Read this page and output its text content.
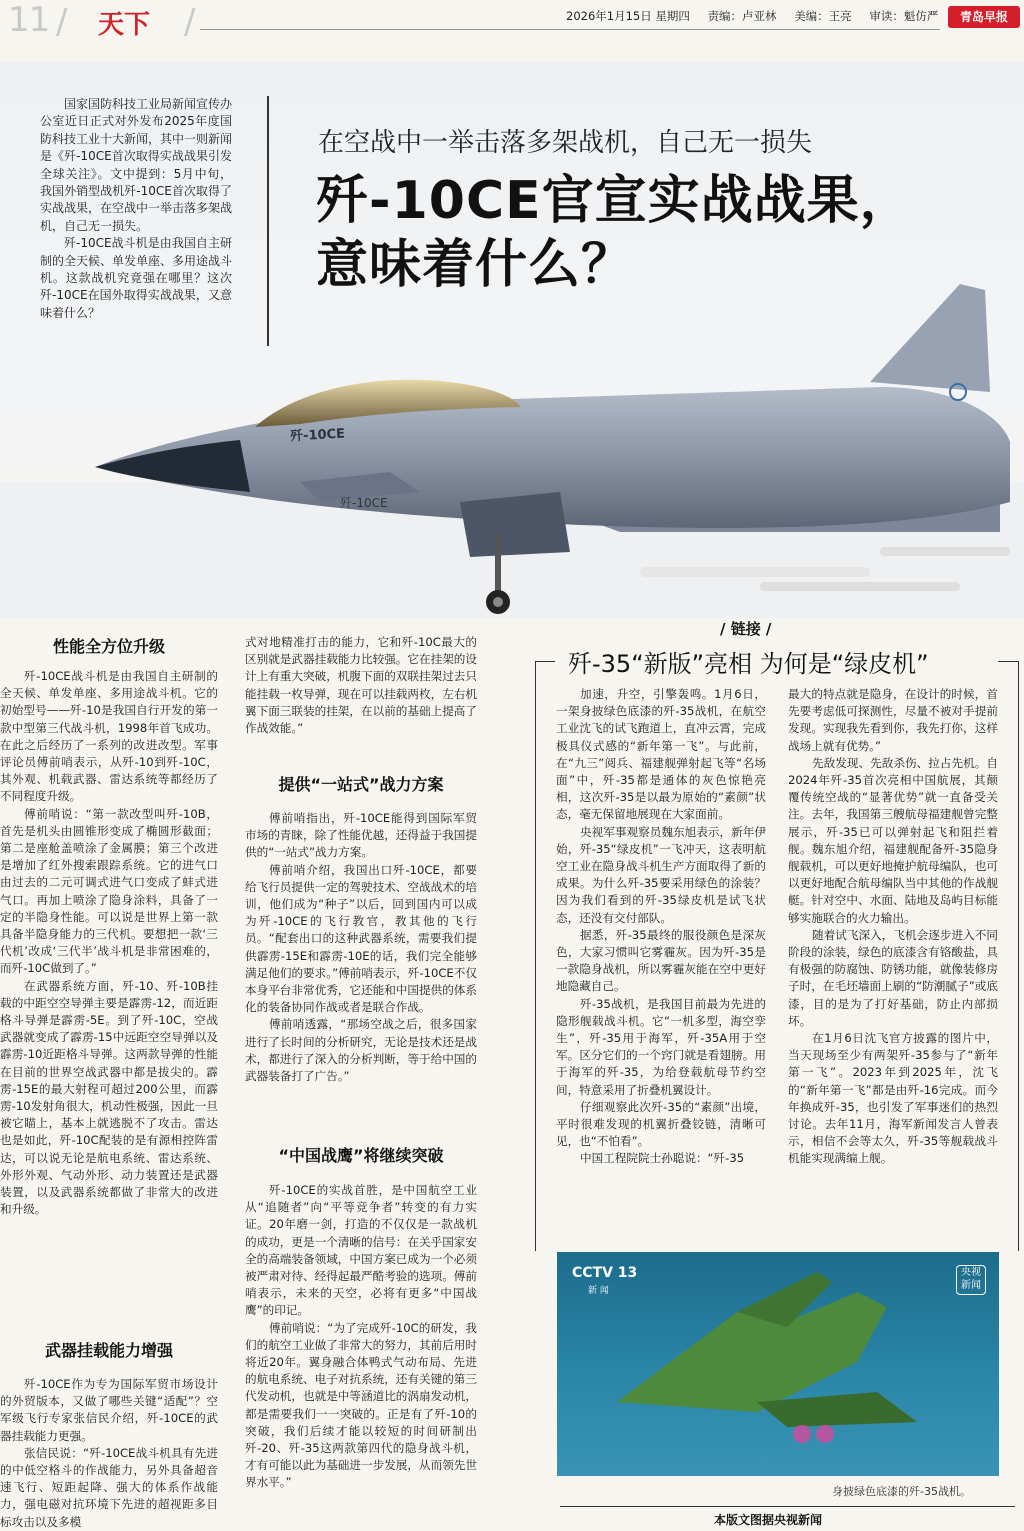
11 / 天下 /	2026年1月15日 星期四 责编：卢亚林 美编：王亮 审读：魁仿严	青岛早报
歼-10CE

国家国防科技工业局新闻宣传办公室近日正式对外发布2025年度国防科技工业十大新闻，其中一则新闻是《歼-10CE首次取得实战战果引发全球关注》。文中提到：5月中旬，我国外销型战机歼-10CE首次取得了实战战果，在空战中一举击落多架战机，自己无一损失。

歼-10CE战斗机是由我国自主研制的全天候、单发单座、多用途战斗机。这款战机究竟强在哪里？这次歼-10CE在国外取得实战战果，又意味着什么？

在空战中一举击落多架战机，自己无一损失
歼-10CE官宣实战战果，
意味着什么？
歼-10CE
性能全方位升级

歼-10CE战斗机是由我国自主研制的全天候、单发单座、多用途战斗机。它的初始型号——歼-10是我国自行开发的第一款中型第三代战斗机，1998年首飞成功。在此之后经历了一系列的改进改型。军事评论员傅前哨表示，从歼-10到歼-10C，其外观、机载武器、雷达系统等都经历了不同程度升级。

傅前哨说：“第一款改型叫歼-10B，首先是机头由圆锥形变成了椭圆形截面；第二是座舱盖喷涂了金属膜；第三个改进是增加了红外搜索跟踪系统。它的进气口由过去的二元可调式进气口变成了蚌式进气口。再加上喷涂了隐身涂料，具备了一定的半隐身性能。可以说是世界上第一款具备半隐身能力的三代机。要想把一款‘三代机’改成‘三代半’战斗机是非常困难的，而歼-10C做到了。”

在武器系统方面，歼-10、歼-10B挂载的中距空空导弹主要是霹雳-12，而近距格斗导弹是霹雳-5E。到了歼-10C，空战武器就变成了霹雳-15中远距空空导弹以及霹雳-10近距格斗导弹。这两款导弹的性能在目前的世界空战武器中都是拔尖的。霹雳-15E的最大射程可超过200公里，而霹雳-10发射角很大，机动性极强，因此一旦被它瞄上，基本上就逃脱不了攻击。雷达也是如此，歼-10C配装的是有源相控阵雷达，可以说无论是航电系统、雷达系统、外形外观、气动外形、动力装置还是武器装置，以及武器系统都做了非常大的改进和升级。

武器挂载能力增强

歼-10CE作为专为国际军贸市场设计的外贸版本，又做了哪些关键“适配”？空军级飞行专家张信民介绍，歼-10CE的武器挂载能力更强。

张信民说：“歼-10CE战斗机具有先进的中低空格斗的作战能力，另外具备超音速飞行、短距起降、强大的体系作战能力，强电磁对抗环境下先进的超视距多目标攻击以及多模

式对地精准打击的能力，它和歼-10C最大的区别就是武器挂载能力比较强。它在挂架的设计上有重大突破，机腹下面的双联挂架过去只能挂载一枚导弹，现在可以挂载两枚，左右机翼下面三联装的挂架，在以前的基础上提高了作战效能。”

提供“一站式”战力方案

傅前哨指出，歼-10CE能得到国际军贸市场的青睐，除了性能优越，还得益于我国提供的“一站式”战力方案。

傅前哨介绍，我国出口歼-10CE，都要给飞行员提供一定的驾驶技术、空战战术的培训，他们成为“种子”以后，回到国内可以成为歼-10CE的飞行教官，教其他的飞行员。“配套出口的这种武器系统，需要我们提供霹雳-15E和霹雳-10E的话，我们完全能够满足他们的要求。”傅前哨表示，歼-10CE不仅本身平台非常优秀，它还能和中国提供的体系化的装备协同作战或者是联合作战。

傅前哨透露，“那场空战之后，很多国家进行了长时间的分析研究，无论是技术还是战术，都进行了深入的分析判断，等于给中国的武器装备打了广告。”

“中国战鹰”将继续突破

歼-10CE的实战首胜，是中国航空工业从“追随者”向“平等竞争者”转变的有力实证。20年磨一剑，打造的不仅仅是一款战机的成功，更是一个清晰的信号：在关乎国家安全的高端装备领域，中国方案已成为一个必须被严肃对待、经得起最严酷考验的选项。傅前哨表示，未来的天空，必将有更多“中国战鹰”的印记。

傅前哨说：“为了完成歼-10C的研发，我们的航空工业做了非常大的努力，其前后用时将近20年。翼身融合体鸭式气动布局、先进的航电系统、电子对抗系统，还有关键的第三代发动机，也就是中等涵道比的涡扇发动机，都是需要我们一一突破的。正是有了歼-10的突破，我们后续才能以较短的时间研制出歼-20、歼-35这两款第四代的隐身战斗机，才有可能以此为基础进一步发展，从而领先世界水平。”

/ 链接 /
歼-35“新版”亮相 为何是“绿皮机”

加速，升空，引擎轰鸣。1月6日，一架身披绿色底漆的歼-35战机，在航空工业沈飞的试飞跑道上，直冲云霄，完成极具仪式感的“新年第一飞”。与此前，在“九三”阅兵、福建舰弹射起飞等“名场面”中，歼-35都是通体的灰色惊艳亮相，这次歼-35是以最为原始的“素颜”状态，毫无保留地展现在大家面前。

央视军事观察员魏东旭表示，新年伊始，歼-35“绿皮机”一飞冲天，这表明航空工业在隐身战斗机生产方面取得了新的成果。为什么歼-35要采用绿色的涂装？因为我们看到的歼-35绿皮机是试飞状态，还没有交付部队。

据悉，歼-35最终的服役颜色是深灰色，大家习惯叫它雾霾灰。因为歼-35是一款隐身战机，所以雾霾灰能在空中更好地隐藏自己。

歼-35战机，是我国目前最为先进的隐形舰载战斗机。它“一机多型，海空孪生”，歼-35用于海军，歼-35A用于空军。区分它们的一个窍门就是看翅膀。用于海军的歼-35，为给登载航母节约空间，特意采用了折叠机翼设计。

仔细观察此次歼-35的“素颜”出境，平时很难发现的机翼折叠铰链，清晰可见，也“不怕看”。

中国工程院院士孙聪说：“歼-35

最大的特点就是隐身，在设计的时候，首先要考虑低可探测性，尽量不被对手提前发现。实现我先看到你，我先打你，这样战场上就有优势。”

先敌发现、先敌杀伤、拉占先机。自2024年歼-35首次亮相中国航展，其颠覆传统空战的“显著优势”就一直备受关注。去年，我国第三艘航母福建舰曾完整展示，歼-35已可以弹射起飞和阻拦着舰。魏东旭介绍，福建舰配备歼-35隐身舰载机，可以更好地掩护航母编队，也可以更好地配合航母编队当中其他的作战舰艇。针对空中、水面、陆地及岛屿目标能够实施联合的火力输出。

随着试飞深入，飞机会逐步进入不同阶段的涂装，绿色的底漆含有铬酸盐，具有极强的防腐蚀、防锈功能，就像装修房子时，在毛坯墙面上刷的“防潮腻子”或底漆，目的是为了打好基础，防止内部损坏。

在1月6日沈飞官方披露的图片中，当天现场至少有两架歼-35参与了“新年第一飞”。2023年到2025年，沈飞的“新年第一飞”都是由歼-16完成。而今年换成歼-35，也引发了军事迷们的热烈讨论。去年11月，海军新闻发言人曾表示，相信不会等太久，歼-35等舰载战斗机能实现满编上舰。

CCTV 13
新 闻
央视新闻
身披绿色底漆的歼-35战机。
本版文图据央视新闻
